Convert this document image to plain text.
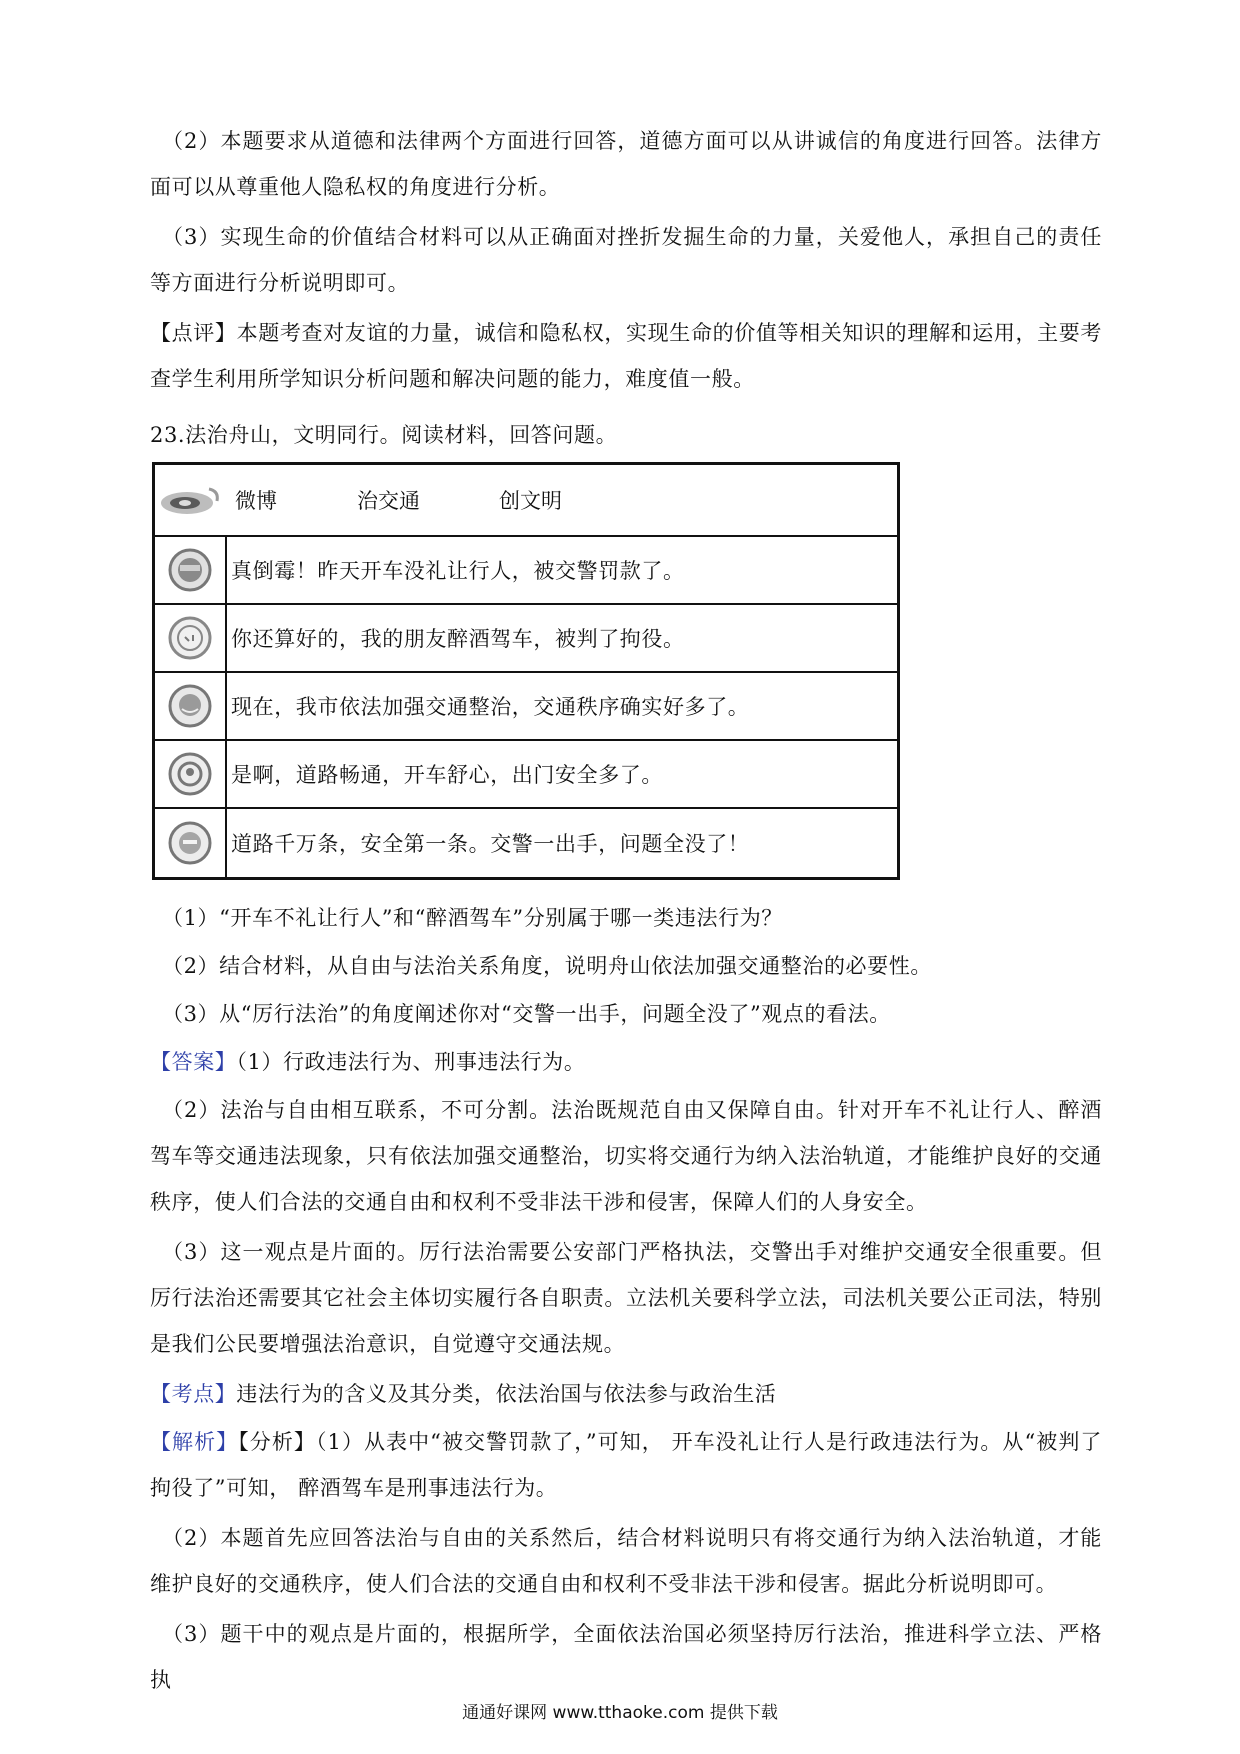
（2）本题要求从道德和法律两个方面进行回答，道德方面可以从讲诚信的角度进行回答。法律方面可以从尊重他人隐私权的角度进行分析。

（3）实现生命的价值结合材料可以从正确面对挫折发掘生命的力量，关爱他人，承担自己的责任等方面进行分析说明即可。

【点评】本题考查对友谊的力量，诚信和隐私权，实现生命的价值等相关知识的理解和运用，主要考查学生利用所学知识分析问题和解决问题的能力，难度值一般。

23.法治舟山，文明同行。阅读材料，回答问题。

微博	治交通	创文明
真倒霉！昨天开车没礼让行人，被交警罚款了。
你还算好的，我的朋友醉酒驾车，被判了拘役。
现在，我市依法加强交通整治，交通秩序确实好多了。
是啊，道路畅通，开车舒心，出门安全多了。
道路千万条，安全第一条。交警一出手，问题全没了！

（1）“开车不礼让行人”和“醉酒驾车”分别属于哪一类违法行为？

（2）结合材料，从自由与法治关系角度，说明舟山依法加强交通整治的必要性。

（3）从“厉行法治”的角度阐述你对“交警一出手，问题全没了”观点的看法。

【答案】（1）行政违法行为、刑事违法行为。

（2）法治与自由相互联系，不可分割。法治既规范自由又保障自由。针对开车不礼让行人、醉酒驾车等交通违法现象，只有依法加强交通整治，切实将交通行为纳入法治轨道，才能维护良好的交通秩序，使人们合法的交通自由和权利不受非法干涉和侵害，保障人们的人身安全。

（3）这一观点是片面的。厉行法治需要公安部门严格执法，交警出手对维护交通安全很重要。但厉行法治还需要其它社会主体切实履行各自职责。立法机关要科学立法，司法机关要公正司法，特别是我们公民要增强法治意识，自觉遵守交通法规。

【考点】违法行为的含义及其分类，依法治国与依法参与政治生活

【解析】【分析】（1）从表中“被交警罚款了，”可知， 开车没礼让行人是行政违法行为。从“被判了拘役了”可知， 醉酒驾车是刑事违法行为。

（2）本题首先应回答法治与自由的关系然后，结合材料说明只有将交通行为纳入法治轨道，才能维护良好的交通秩序，使人们合法的交通自由和权利不受非法干涉和侵害。据此分析说明即可。

（3）题干中的观点是片面的，根据所学，全面依法治国必须坚持厉行法治，推进科学立法、严格执

通通好课网 www.tthaoke.com 提供下载
